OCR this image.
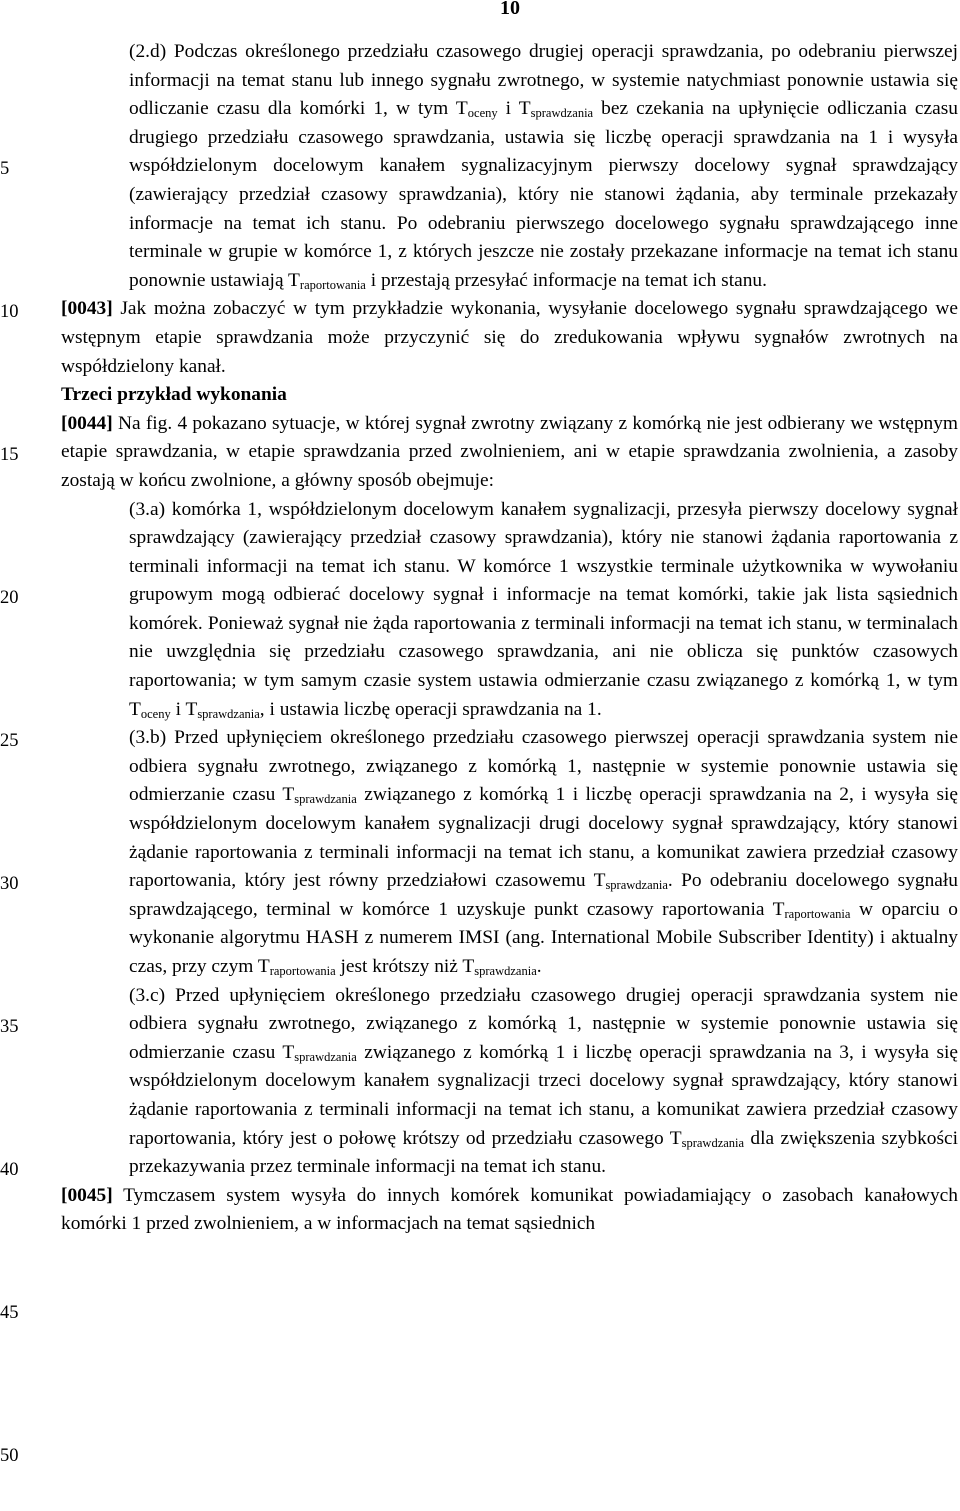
10
5
10
15
20
25
30
35
40
45
50

(2.d) Podczas określonego przedziału czasowego drugiej operacji sprawdzania, po odebraniu pierwszej informacji na temat stanu lub innego sygnału zwrotnego, w systemie natychmiast ponownie ustawia się odliczanie czasu dla komórki 1, w tym $T_{oceny}$ i $T_{sprawdzania}$ bez czekania na upłynięcie odliczania czasu drugiego przedziału czasowego sprawdzania, ustawia się liczbę operacji sprawdzania na 1 i wysyła współdzielonym docelowym kanałem sygnalizacyjnym pierwszy docelowy sygnał sprawdzający (zawierający przedział czasowy sprawdzania), który nie stanowi żądania, aby terminale przekazały informacje na temat ich stanu. Po odebraniu pierwszego docelowego sygnału sprawdzającego inne terminale w grupie w komórce 1, z których jeszcze nie zostały przekazane informacje na temat ich stanu ponownie ustawiają $T_{raportowania}$ i przestają przesyłać informacje na temat ich stanu.

[0043] Jak można zobaczyć w tym przykładzie wykonania, wysyłanie docelowego sygnału sprawdzającego we wstępnym etapie sprawdzania może przyczynić się do zredukowania wpływu sygnałów zwrotnych na współdzielony kanał.

Trzeci przykład wykonania

[0044] Na fig. 4 pokazano sytuacje, w której sygnał zwrotny związany z komórką nie jest odbierany we wstępnym etapie sprawdzania, w etapie sprawdzania przed zwolnieniem, ani w etapie sprawdzania zwolnienia, a zasoby zostają w końcu zwolnione, a główny sposób obejmuje:

(3.a) komórka 1, współdzielonym docelowym kanałem sygnalizacji, przesyła pierwszy docelowy sygnał sprawdzający (zawierający przedział czasowy sprawdzania), który nie stanowi żądania raportowania z terminali informacji na temat ich stanu. W komórce 1 wszystkie terminale użytkownika w wywołaniu grupowym mogą odbierać docelowy sygnał i informacje na temat komórki, takie jak lista sąsiednich komórek. Ponieważ sygnał nie żąda raportowania z terminali informacji na temat ich stanu, w terminalach nie uwzględnia się przedziału czasowego sprawdzania, ani nie oblicza się punktów czasowych raportowania; w tym samym czasie system ustawia odmierzanie czasu związanego z komórką 1, w tym $T_{oceny}$ i $T_{sprawdzania}$, i ustawia liczbę operacji sprawdzania na 1.

(3.b) Przed upłynięciem określonego przedziału czasowego pierwszej operacji sprawdzania system nie odbiera sygnału zwrotnego, związanego z komórką 1, następnie w systemie ponownie ustawia się odmierzanie czasu $T_{sprawdzania}$ związanego z komórką 1 i liczbę operacji sprawdzania na 2, i wysyła się współdzielonym docelowym kanałem sygnalizacji drugi docelowy sygnał sprawdzający, który stanowi żądanie raportowania z terminali informacji na temat ich stanu, a komunikat zawiera przedział czasowy raportowania, który jest równy przedziałowi czasowemu $T_{sprawdzania}$. Po odebraniu docelowego sygnału sprawdzającego, terminal w komórce 1 uzyskuje punkt czasowy raportowania $T_{raportowania}$ w oparciu o wykonanie algorytmu HASH z numerem IMSI (ang. International Mobile Subscriber Identity) i aktualny czas, przy czym $T_{raportowania}$ jest krótszy niż $T_{sprawdzania}$.

(3.c) Przed upłynięciem określonego przedziału czasowego drugiej operacji sprawdzania system nie odbiera sygnału zwrotnego, związanego z komórką 1, następnie w systemie ponownie ustawia się odmierzanie czasu $T_{sprawdzania}$ związanego z komórką 1 i liczbę operacji sprawdzania na 3, i wysyła się współdzielonym docelowym kanałem sygnalizacji trzeci docelowy sygnał sprawdzający, który stanowi żądanie raportowania z terminali informacji na temat ich stanu, a komunikat zawiera przedział czasowy raportowania, który jest o połowę krótszy od przedziału czasowego $T_{sprawdzania}$ dla zwiększenia szybkości przekazywania przez terminale informacji na temat ich stanu.

[0045] Tymczasem system wysyła do innych komórek komunikat powiadamiający o zasobach kanałowych komórki 1 przed zwolnieniem, a w informacjach na temat sąsiednich
